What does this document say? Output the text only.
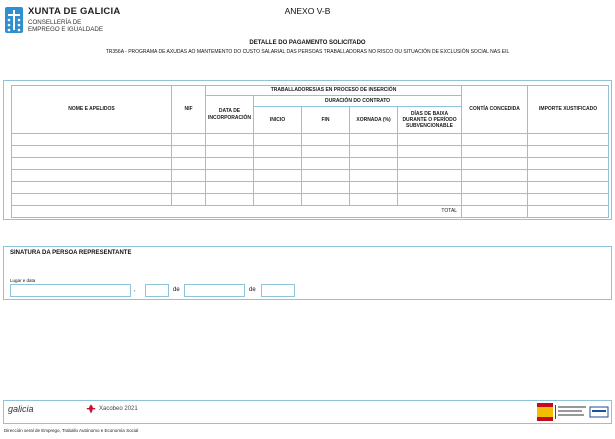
XUNTA DE GALICIA
CONSELLERÍA DE
EMPREGO E IGUALDADE
ANEXO V-B
DETALLE DO PAGAMENTO SOLICITADO
TR356A - PROGRAMA DE AXUDAS AO MANTEMENTO DO CUSTO SALARIAL DAS PERSOAS TRABALLADORAS NO RISCO OU SITUACIÓN DE EXCLUSIÓN SOCIAL NAS EIL
NOME E APELIDOS	NIF	TRABALLADORES/AS EN PROCESO DE INSERCIÓN					CONTÍA CONCEDIDA	IMPORTE XUSTIFICADO
		DATA DE INCORPORACIÓN	DURACIÓN DO CONTRATO					
			INICIO	FIN	XORNADA (%)	DÍAS DE BAIXA DURANTE O PERÍODO SUBVENCIONABLE		

TOTAL								
SINATURA DA PERSOA REPRESENTANTE
Lugar e data
,	de	de
galicia	Xacobeo 2021
Dirección xeral de Emprego, Traballo Autónomo e Economía Social
